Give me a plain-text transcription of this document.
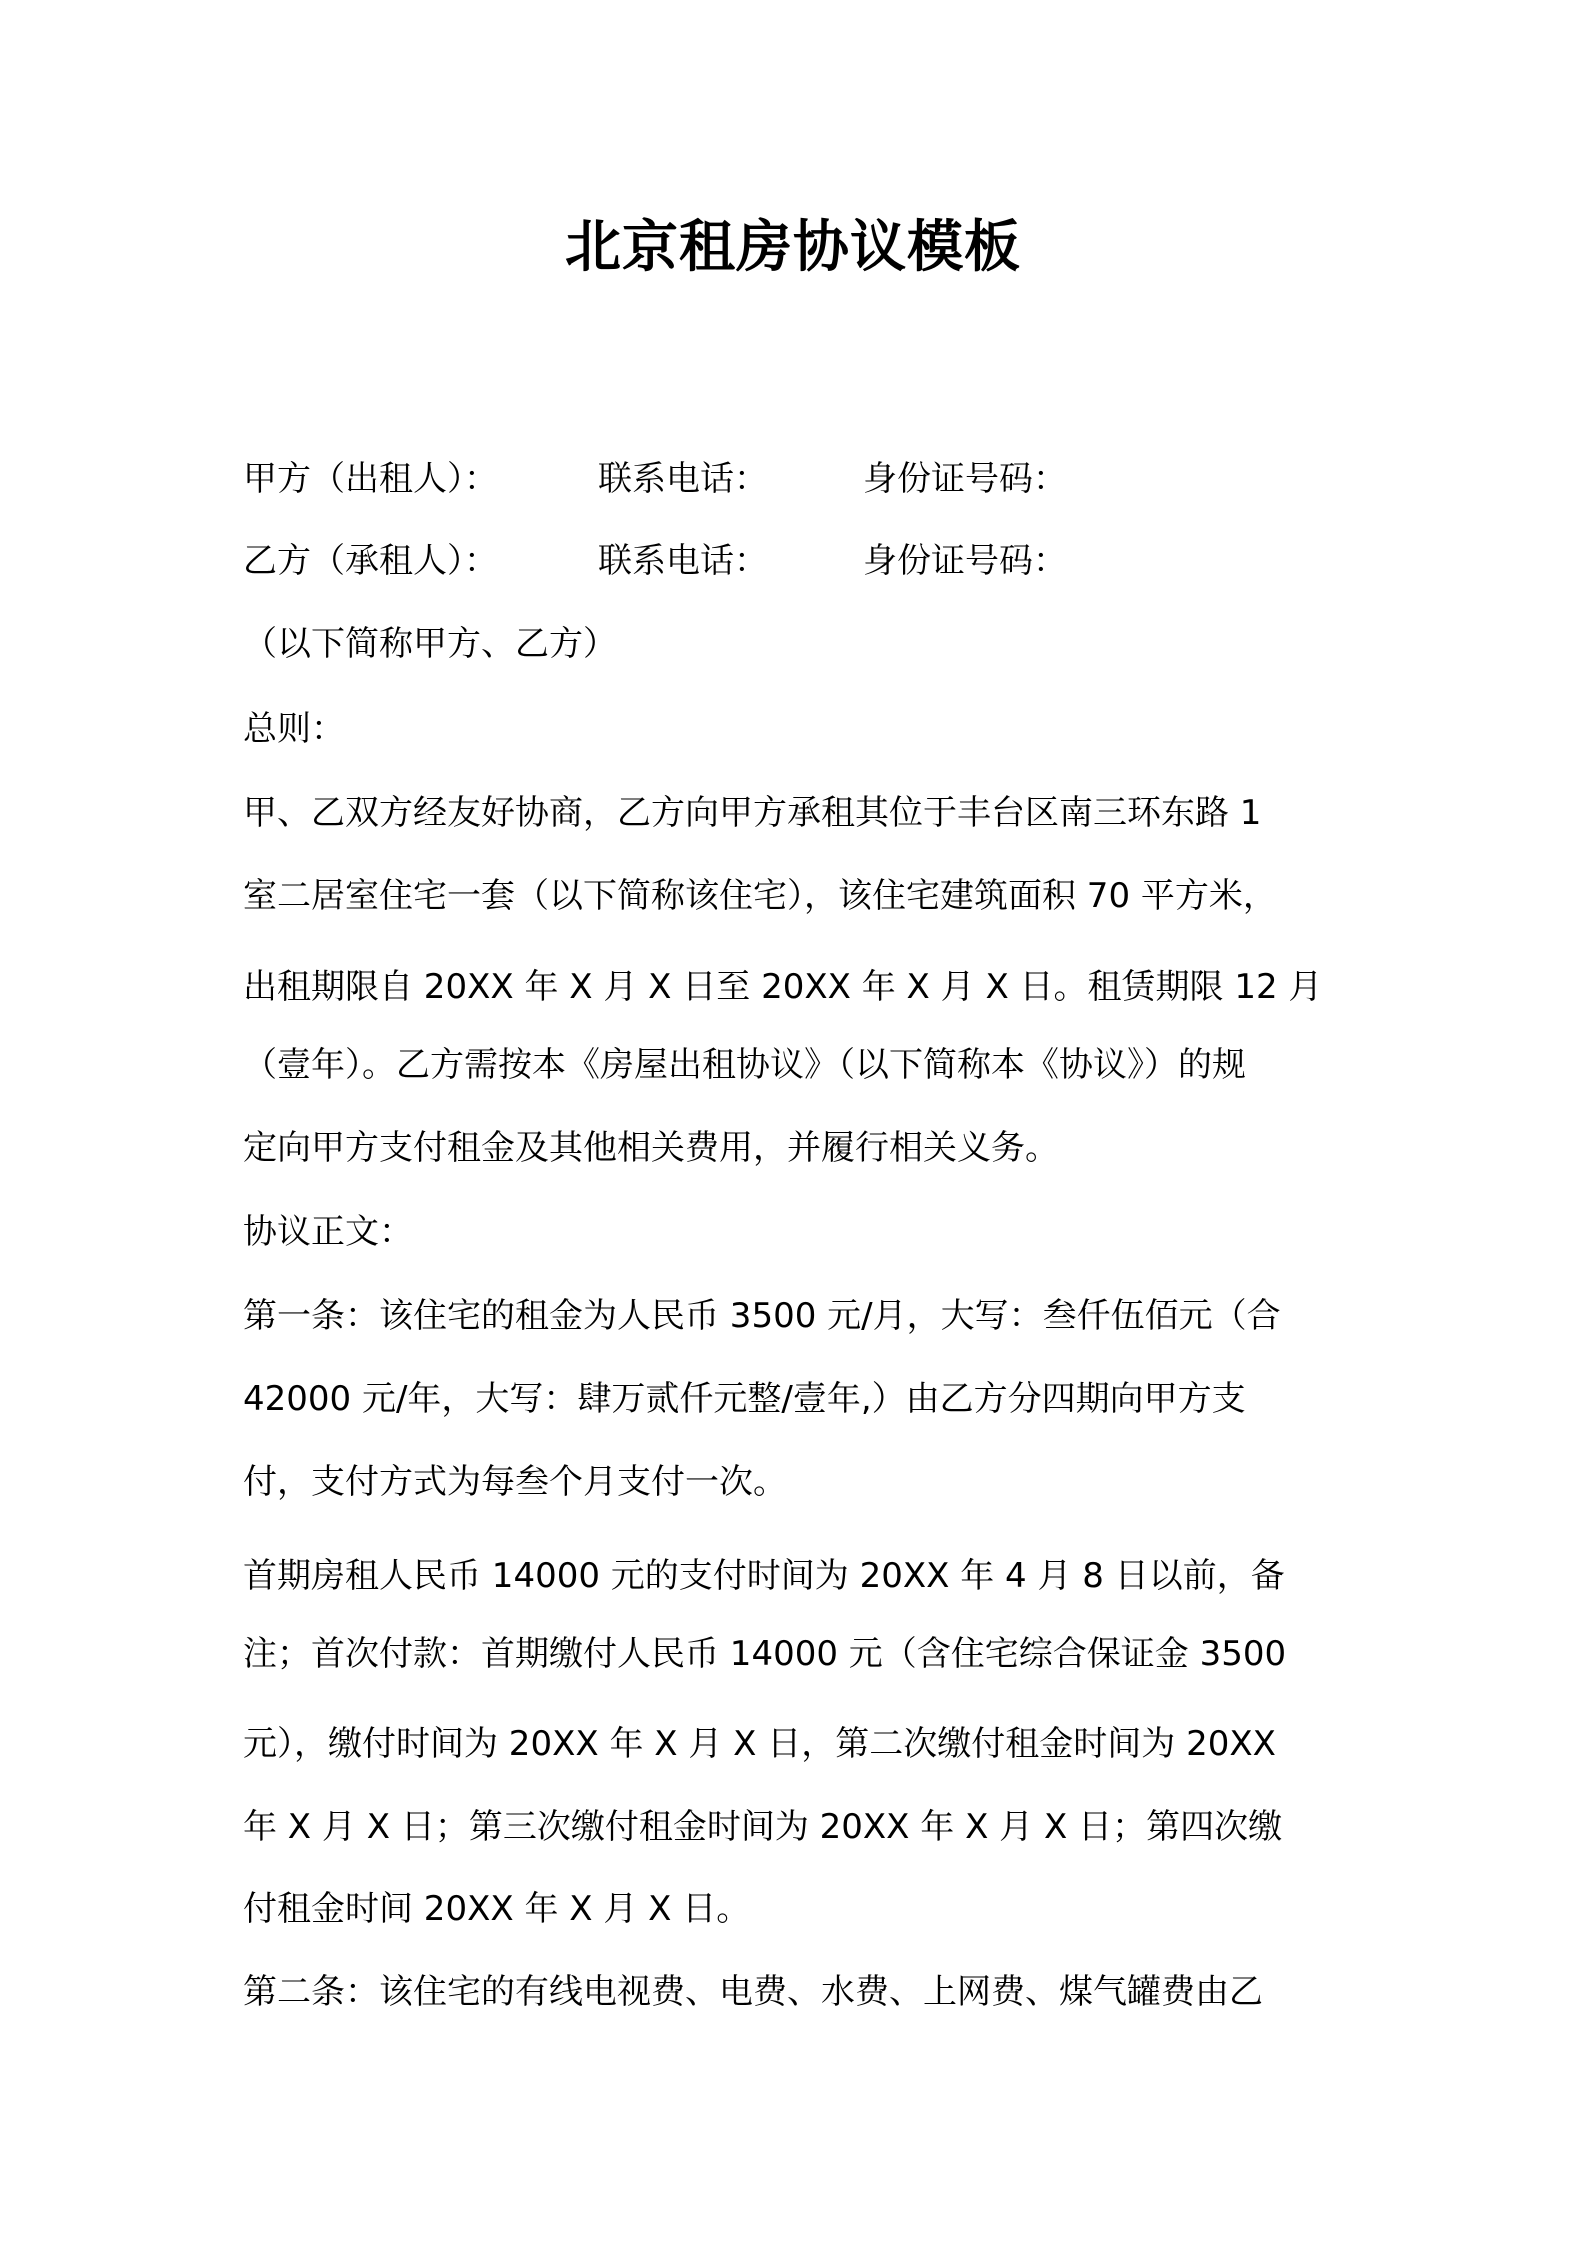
北京租房协议模板
甲方（出租人）：	联系电话：	身份证号码：
乙方（承租人）：	联系电话：	身份证号码：
（以下简称甲方、乙方）
总则：
甲、乙双方经友好协商，乙方向甲方承租其位于丰台区南三环东路 1
室二居室住宅一套（以下简称该住宅），该住宅建筑面积 70 平方米，
出租期限自 20XX 年 X 月 X 日至 20XX 年 X 月 X 日。租赁期限 12 月
（壹年）。乙方需按本《房屋出租协议》（以下简称本《协议》）的规
定向甲方支付租金及其他相关费用，并履行相关义务。
协议正文：
第一条：该住宅的租金为人民币 3500 元/月，大写：叁仟伍佰元（合
42000 元/年，大写：肆万贰仟元整/壹年,）由乙方分四期向甲方支
付，支付方式为每叁个月支付一次。
首期房租人民币 14000 元的支付时间为 20XX 年 4 月 8 日以前，备
注；首次付款：首期缴付人民币 14000 元（含住宅综合保证金 3500
元），缴付时间为 20XX 年 X 月 X 日，第二次缴付租金时间为 20XX
年 X 月 X 日；第三次缴付租金时间为 20XX 年 X 月 X 日；第四次缴
付租金时间 20XX 年 X 月 X 日。
第二条：该住宅的有线电视费、电费、水费、上网费、煤气罐费由乙
